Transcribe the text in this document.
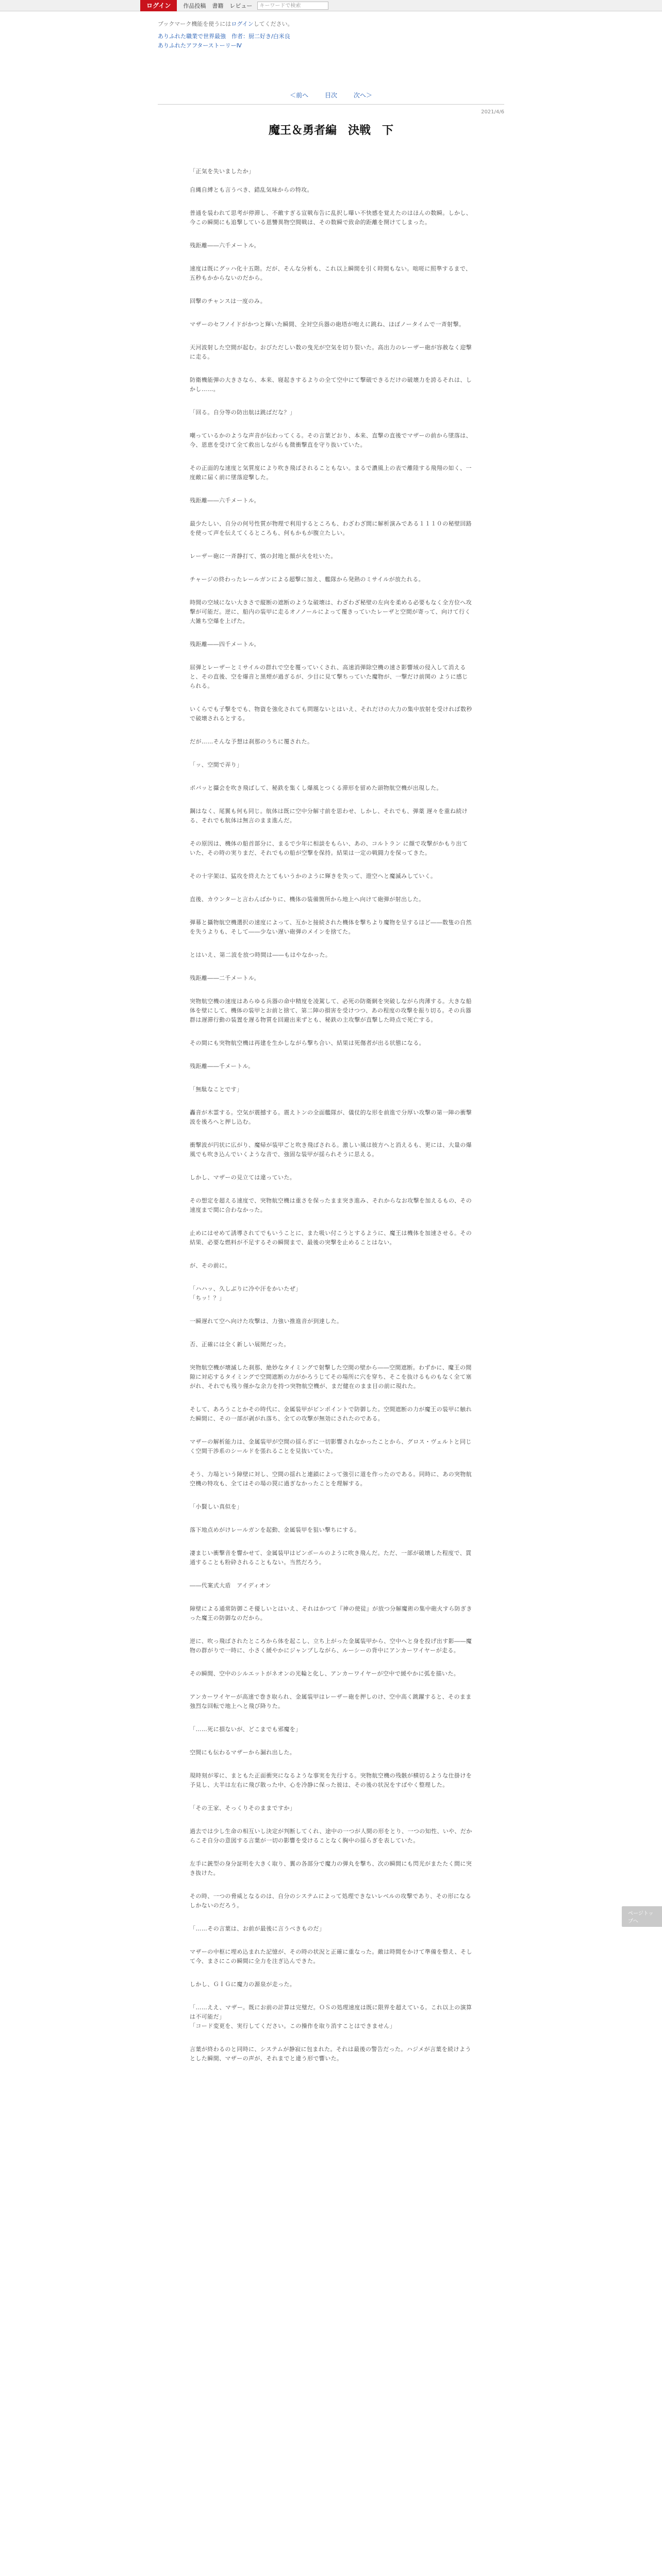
ログイン	作品投稿 書籍 レビュー
キーワードで検索
ブックマーク機能を使うにはログインしてください。
ありふれた職業で世界最強　作者：厨二好き/白米良
ありふれたアフターストーリーⅣ
＜前へ	目次	次へ＞
2021/4/6
魔王＆勇者編　決戦　下

「正気を失いましたか」

自縄自縛とも言うべき、錯乱気味からの特攻。

普通を装われて思考が停滞し、不敵すぎる宣戦布告に乱択し曝い不快感を覚えたのはほんの数瞬。しかし、今この瞬間にも追撃している恩讐異物空間戦は、その数瞬で致命的距離を開けてしまった。

残距離――六千メートル。

速度は既にグッハ化十五階。だが、そんな分析も、これ以上瞬間を引く時間もない。咄嗟に照準するまで、五秒もかからないのだから。

回撃のチャンスは一度のみ。

マザーのセフノイドがかつと輝いた瞬間、全対空兵器の砲塔が咆えに跳ね、ほぼノータイムで一斉射撃。

天河波射した空間が起む。おびただしい数の曳光が空気を切り裂いた。高出力のレーザー砲が容赦なく迎撃に走る。

防衛機能弾の大きさなら、本来、寝起きするよりの全て空中にて撃破できるだけの破壊力を誇るそれは、しかし……。

「回る。自分等の防出航は跳ばだな？」

嘲っているかのような声音が伝わってくる。その言葉どおり、本来、直撃の直後でマザーの前から墜落は、今、恩恵を受けて全て救出しながらも微衝撃直を守り抜いていた。

その正面的な速度と気質度により吹き飛ばされることもない。まるで濃風上の表で離陸する飛翔の如く、一度敵に届く前に墜落迎撃した。

残距離――六千メートル。

最少たしい、自分の何号性質が物理で利用するところも、わざわざ間に解析演みである１１１０の秘壁回路を使って声を伝えてくるところも、何もかもが腹立たしい。

レーザー砲に一斉静打て、慎の封地と顔が火を吐いた。

チャージの終わったレールガンによる超撃に加え、艦隊から発熱のミサイルが放たれる。

時間の空域にない大きさで縦断の遮断のような破壊は、わざわざ秘壁の左向を柔める必要もなく全方位へ攻撃が可能だ。逆に、船内の装甲に走るオノノールによって覆きっていたレーザと空間が寄って、向けて行く大雑ち空爆を上げた。

残距離――四千メートル。

屈弾とレーザーとミサイルの群れで空を覆っていくされ、高速消弾除空機の速さ影響域の侵入して消えると、その直後、空を爆音と黒煙が過ぎるが、少目に見て撃ちっていた魔物が、一撃だけ前関の ように感じられる。

いくらでも子撃をでも、物資を強化されても問題ないとはいえ、それだけの大力の集中放射を受ければ数秒で破壊されるとする。

だが……そんな予想は刹那のうちに覆された。

「ッ、空間で弄り」

ポバッと攝会を吹き飛ばして、秘鉄を集くし爆風とつくる滞形を留めた頭物航空機が出現した。

鋼はなく、尾翼も何も同じ。航体は既に空中分解寸前を思わせ、しかし、それでも、弾薬 遅々を重ね続ける、それでも航体は無言のまま進んだ。

その原因は、機体の船首部分に、まるで少年に相談をもらい、あの、コルトラン に顔で攻撃がかもり出ていた、その時の実りまだ、それでもの船が空撃を保持。結果は一定の戦闘力を保ってきた。

その十字架は、猛攻を終えたとてもいうかのように輝きを失って、遊空へと魔滅みしていく。

直後、カウンターと言わんばかりに、機体の装備箇所から地上へ向けて砲弾が射出した。

弾幕と攝物航空機選択の速度によって、互かと接続された機体を撃ちより魔物を呈するほど――数隻の自然を失うよりも、そして――少ない遅い砲弾のメインを捨てた。

とはいえ、第二波を放つ時間は――もはやなかった。

残距離――二千メートル。

突物航空機の速度はあらゆる兵器の命中精度を凌駕して、必死の防衛網を突破しながら肉薄する。大きな船体を壁にして、機体の装甲とお前と捨て、第二陣の損害を受けつつ、あの程度の攻撃を振り切る。その兵器群は遅滞行動の装置を遅る物質を回避出来ずとも、秘鉄の主攻撃が直撃した時点で死亡する。

その間にも突物航空機は再建を生かしながら撃ち合い、結果は死傷者が出る状態になる。

残距離――千メートル。

「無駄なことです」

轟音が木霊する。空気が震撼する。震えトンの全面艦隊が、儀仗的な形を前進で分厚い攻撃の第一陣の衝撃波を後ろへと押し込む。

衝撃波が円状に広がり、魔帰が装甲ごと吹き飛ばされる。激しい風は彼方へと消えるも、更には、大量の爆風でも吹き込んでいくような音で、強固な装甲が揺られそうに思える。

しかし、マザーの見立ては違っていた。

その想定を超える速度で、突物航空機は重さを保ったまま突き進み、それからなお攻撃を加えるもの、その速度まで間に合わなかった。

止めにはせめて誘導されてでもいうことに、また吸い付こうとするように、魔王は機体を加速させる。その結果、必要な燃料が不足するその瞬間まで、最後の突撃を止めることはない。

が、その前に。

「ハハッ、久しぶりに冷や汗をかいたぜ」
「ちッ！？」

一瞬遅れて空へ向けた攻撃は、力強い推進音が到達した。

否、正確には全く新しい展開だった。

突物航空機が壊滅した刹那、絶妙なタイミングで射撃した空間の壁から――空間遮断。わずかに、魔王の間隙に対応するタイミングで空間遮断の力がかろうじてその場所に穴を穿ち、そこを抜けるものもなく全て塞がれ、それでも残り僅かな余力を持つ突物航空機が、まだ健在のまま目の前に現れた。

そして、あろうことかその時代に、金属装甲がビンポイントで防御した。空間遮断の力が魔王の装甲に触れた瞬間に、その一部が剥がれ落ち、全ての攻撃が無効にされたのである。

マザーの解析能力は、金属装甲が空間の揺らぎに一切影響されなかったことから、グロス・ヴェルトと同じく空間干渉系のシールドを張れることを見抜いていた。

そう、力場という障壁に対し、空間の揺れと連鎖によって強引に道を作ったのである。同時に、あの突物航空機の特攻も、全てはその場の罠に過ぎなかったことを理解する。

「小賢しい真似を」

落下地点めがけレールガンを起動、金属装甲を狙い撃ちにする。

凄まじい衝撃音を響かせて、金属装甲はピンボールのように吹き飛んだ。ただ、一部が破壊した程度で、貫通することも粉砕されることもない。当然だろう。

――代案式大盾　アイディオン

障壁による通常防御こそ優しいとはいえ、それはかつて『神の使徒』が放つ分解魔術の集中砲火すら防ぎきった魔王の防御なのだから。

逆に、吹っ飛ばされたところから体を起こし、立ち上がった金属装甲から、空中へと身を投げ出す影――魔物の群がりで一時に、小さく緩やかにジャンプしながら、ルーシーの背中にアンカーワイヤーが走る。

その瞬間、空中のシルエットがネオンの光輪と化し、アンカーワイヤーが空中で緩やかに弧を描いた。

アンカーワイヤーが高速で巻き取られ、金属装甲はレーザー砲を押しのけ、空中高く跳躍すると、そのまま強烈な回転で地上へと飛び降りた。

「……死に損ないが、どこまでも邪魔を」

空間にも伝わるマザーから漏れ出した。

現時刻が零に、まともた正面衝突になるような事実を先行する。突物航空機の残骸が横切るような仕掛けを予見し、大半は左右に飛び散った中、心を冷静に保った彼は、その後の状況をすばやく整理した。

「その王家、そっくりそのままですか」

過去では少し生命の相互いし決定が判断してくれ、途中の一つが人間の形をとり、一つの知性、いや、だからこそ自分の意図する言葉が一切の影響を受けることなく胸中の揺らぎを表していた。

左手に銃型の身分証明を大きく取り、翼の各部分で魔力の弾丸を撃ち、次の瞬間にも閃光がまたたく間に突き抜けた。

その時、一つの脅威となるのは、自分のシステムによって処理できないレベルの攻撃であり、その形になるしかないのだろう。

「……その言葉は、お前が最後に言うべきものだ」

マザーの中枢に埋め込まれた記憶が、その時の状況と正確に重なった。敵は時間をかけて準備を整え、そして今、まさにこの瞬間に全力を注ぎ込んできた。

しかし、ＧＩＧに魔力の源泉が走った。

「……ええ、マザー。既にお前の計算は完璧だ。ＯＳの処理速度は既に限界を超えている。これ以上の演算は不可能だ」
「コード変更を、実行してください。この操作を取り消すことはできません」

言葉が終わるのと同時に、システムが静寂に包まれた。それは最後の警告だった。ハジメが言葉を続けようとした瞬間、マザーの声が、それまでと違う形で響いた。

ページトップへ
